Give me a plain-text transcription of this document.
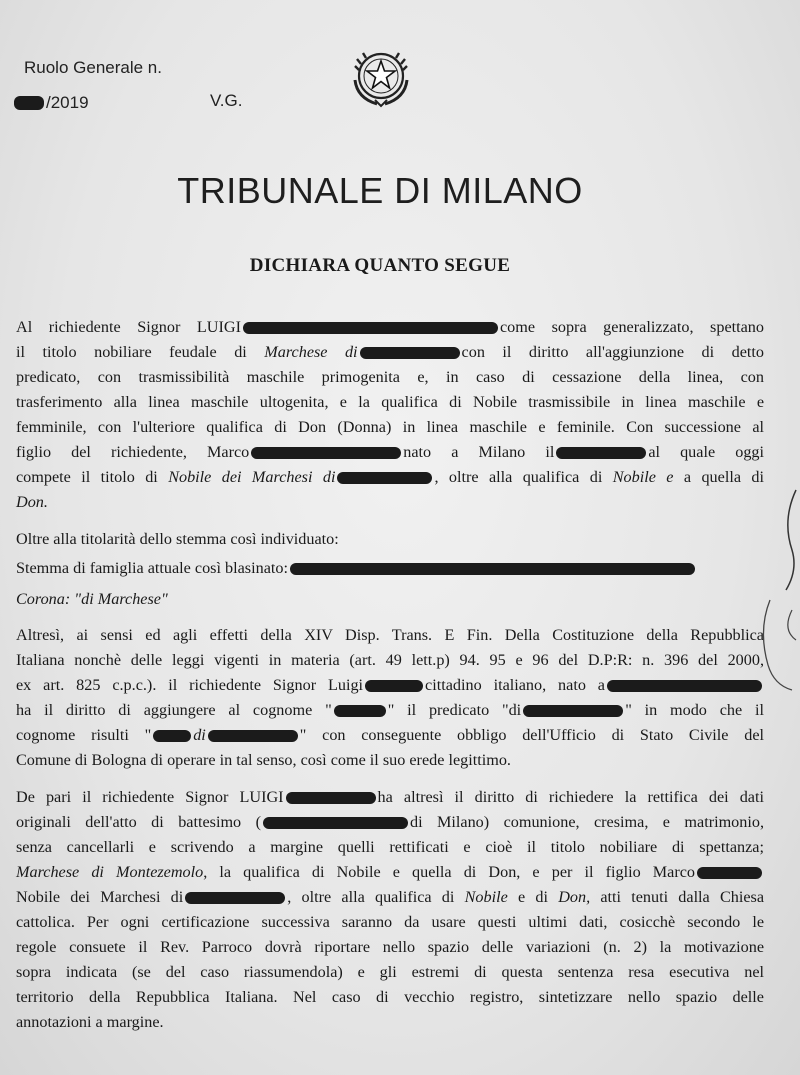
Ruolo Generale n.
/2019	V.G.
TRIBUNALE DI MILANO
DICHIARA QUANTO SEGUE
Al richiedente Signor LUIGI	come sopra generalizzato, spettano
il titolo nobiliare feudale di Marchese di	con il diritto all'aggiunzione di detto
predicato, con trasmissibilità maschile primogenita e, in caso di cessazione della linea, con
trasferimento alla linea maschile ultogenita, e la qualifica di Nobile trasmissibile in linea maschile e
femminile, con l'ulteriore qualifica di Don (Donna) in linea maschile e feminile. Con successione al
figlio del richiedente, Marco	nato a Milano il	al quale oggi
compete il titolo di Nobile dei Marchesi di	, oltre alla qualifica di Nobile e a quella di
Don.
Oltre alla titolarità dello stemma così individuato:
Stemma di famiglia attuale così blasinato:
Corona: "di Marchese"
Altresì, ai sensi ed agli effetti della XIV Disp. Trans. E Fin. Della Costituzione della Repubblica
Italiana nonchè delle leggi vigenti in materia (art. 49 lett.p) 94. 95 e 96 del D.P:R: n. 396 del 2000,
ex art. 825 c.p.c.). il richiedente Signor Luigi	cittadino italiano, nato a
ha il diritto di aggiungere al cognome "	" il predicato "di	" in modo che il
cognome risulti "	di	" con conseguente obbligo dell'Ufficio di Stato Civile del
Comune di Bologna di operare in tal senso, così come il suo erede legittimo.
De pari il richiedente Signor LUIGI	ha altresì il diritto di richiedere la rettifica dei dati
originali dell'atto di battesimo (	di Milano) comunione, cresima, e matrimonio,
senza cancellarli e scrivendo a margine quelli rettificati e cioè il titolo nobiliare di spettanza;
Marchese di Montezemolo, la qualifica di Nobile e quella di Don, e per il figlio Marco
Nobile dei Marchesi di	, oltre alla qualifica di Nobile e di Don, atti tenuti dalla Chiesa
cattolica. Per ogni certificazione successiva saranno da usare questi ultimi dati, cosicchè secondo le
regole consuete il Rev. Parroco dovrà riportare nello spazio delle variazioni (n. 2) la motivazione
sopra indicata (se del caso riassumendola) e gli estremi di questa sentenza resa esecutiva nel
territorio della Repubblica Italiana. Nel caso di vecchio registro, sintetizzare nello spazio delle
annotazioni a margine.
